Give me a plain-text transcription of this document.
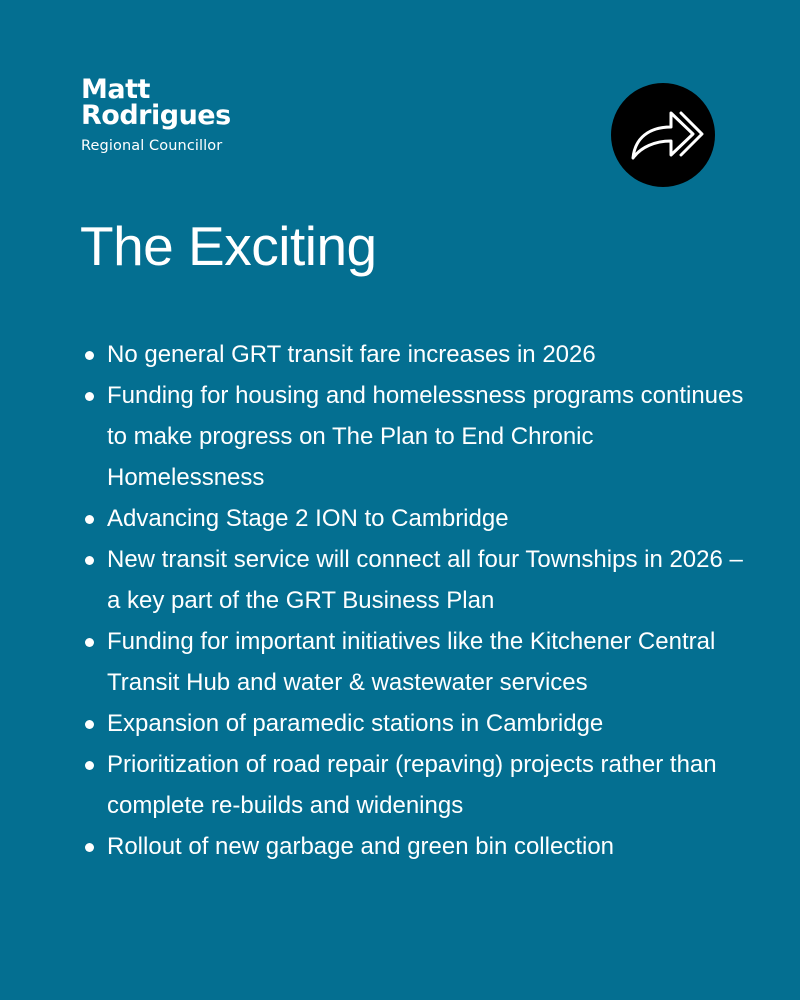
Matt
Rodrigues
Regional Councillor
The Exciting
No general GRT transit fare increases in 2026
Funding for housing and homelessness programs continues to make progress on The Plan to End Chronic Homelessness
Advancing Stage 2 ION to Cambridge
New transit service will connect all four Townships in 2026 – a key part of the GRT Business Plan
Funding for important initiatives like the Kitchener Central Transit Hub and water & wastewater services
Expansion of paramedic stations in Cambridge
Prioritization of road repair (repaving) projects rather than complete re-builds and widenings
Rollout of new garbage and green bin collection
